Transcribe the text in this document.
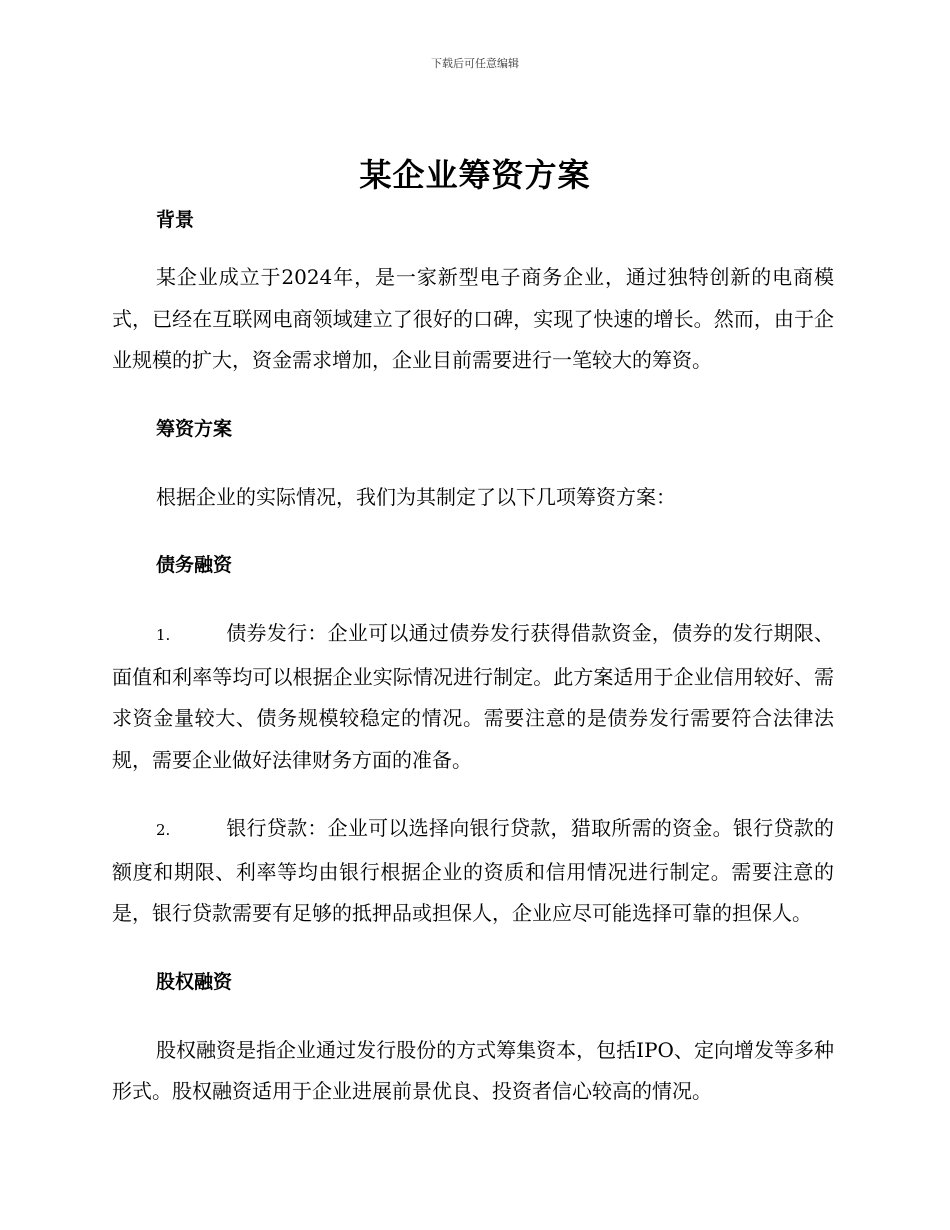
下载后可任意编辑
某企业筹资方案

背景

某企业成立于2024年，是一家新型电子商务企业，通过独特创新的电商模式，已经在互联网电商领域建立了很好的口碑，实现了快速的增长。然而，由于企业规模的扩大，资金需求增加，企业目前需要进行一笔较大的筹资。

筹资方案

根据企业的实际情况，我们为其制定了以下几项筹资方案：

债务融资

1.	债券发行：企业可以通过债券发行获得借款资金，债券的发行期限、面值和利率等均可以根据企业实际情况进行制定。此方案适用于企业信用较好、需求资金量较大、债务规模较稳定的情况。需要注意的是债券发行需要符合法律法规，需要企业做好法律财务方面的准备。

2.	银行贷款：企业可以选择向银行贷款，猎取所需的资金。银行贷款的额度和期限、利率等均由银行根据企业的资质和信用情况进行制定。需要注意的是，银行贷款需要有足够的抵押品或担保人，企业应尽可能选择可靠的担保人。

股权融资

股权融资是指企业通过发行股份的方式筹集资本，包括IPO、定向增发等多种形式。股权融资适用于企业进展前景优良、投资者信心较高的情况。
